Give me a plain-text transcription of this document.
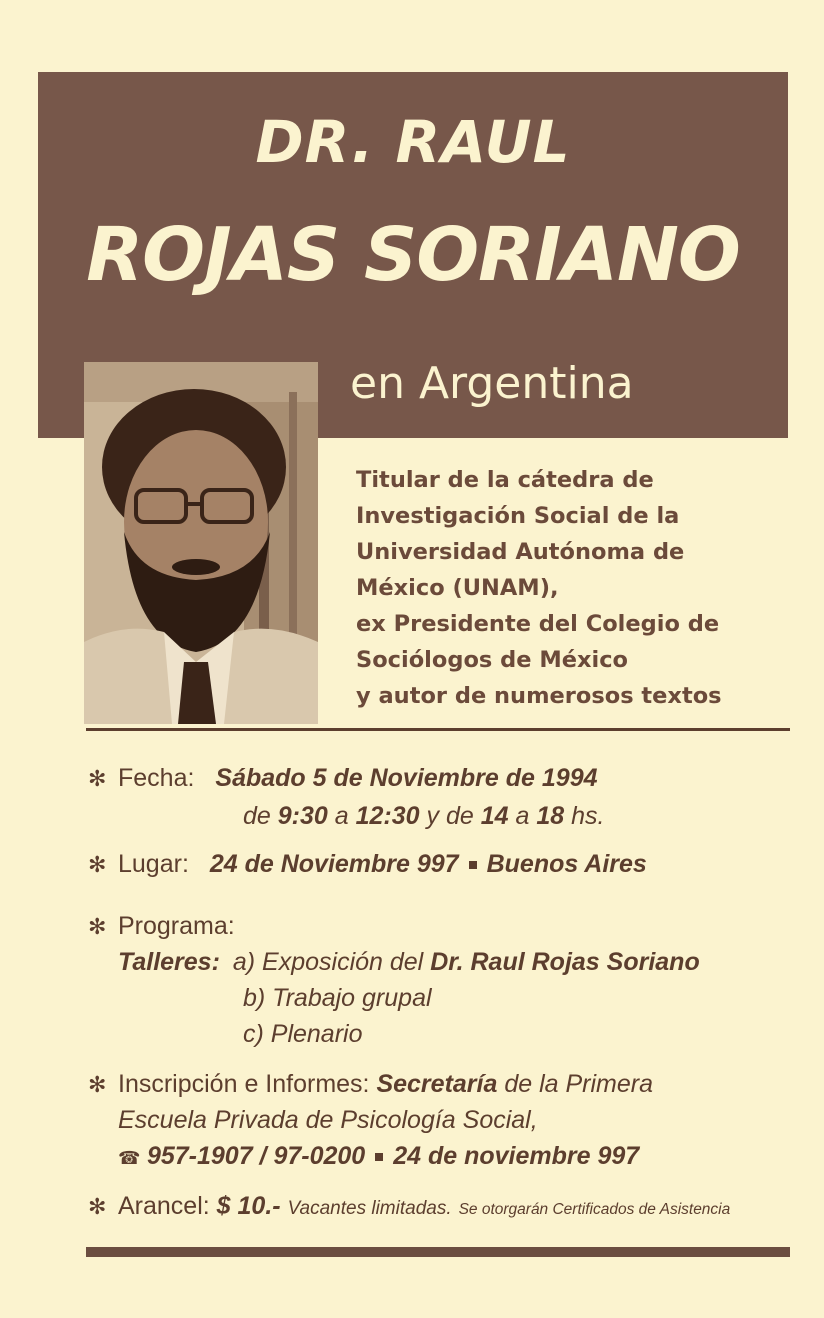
DR. RAUL
ROJAS SORIANO
en Argentina
Titular de la cátedra de
Investigación Social de la
Universidad Autónoma de
México (UNAM),
ex Presidente del Colegio de
Sociólogos de México
y autor de numerosos textos
✻ Fecha: Sábado 5 de Noviembre de 1994
de 9:30 a 12:30 y de 14 a 18 hs.
✻ Lugar: 24 de Noviembre 997 Buenos Aires
✻ Programa:
Talleres: a) Exposición del Dr. Raul Rojas Soriano
b) Trabajo grupal
c) Plenario
✻ Inscripción e Informes: Secretaría de la Primera
Escuela Privada de Psicología Social,
☎ 957-1907 / 97-0200 24 de noviembre 997
✻ Arancel: $ 10.- Vacantes limitadas. Se otorgarán Certificados de Asistencia
